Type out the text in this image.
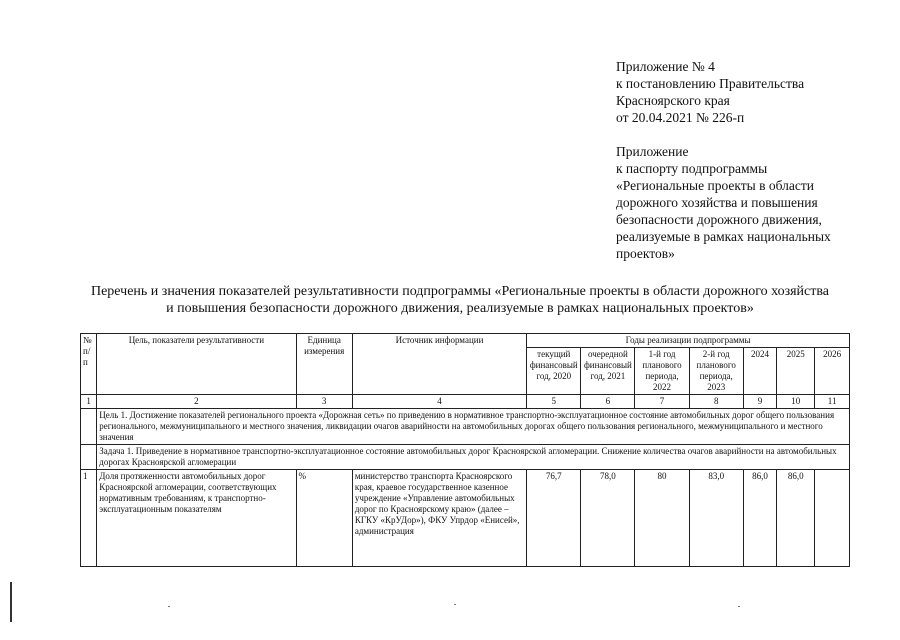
Приложение № 4
к постановлению Правительства
Красноярского края
от 20.04.2021 № 226-п
Приложение
к паспорту подпрограммы
«Региональные проекты в области
дорожного хозяйства и повышения
безопасности дорожного движения,
реализуемые в рамках национальных
проектов»
Перечень и значения показателей результативности подпрограммы «Региональные проекты в области дорожного хозяйства
и повышения безопасности дорожного движения, реализуемые в рамках национальных проектов»
№ п/п	Цель, показатели результативности	Единица измерения	Источник информации	Годы реализации подпрограммы						
				текущий финансовый год, 2020	очередной финансовый год, 2021	1-й год планового периода, 2022	2-й год планового периода, 2023	2024	2025	2026
1	2	3	4	5	6	7	8	9	10	11
	Цель 1. Достижение показателей регионального проекта «Дорожная сеть» по приведению в нормативное транспортно-эксплуатационное состояние автомобильных дорог общего пользования регионального, межмуниципального и местного значения, ликвидации очагов аварийности на автомобильных дорогах общего пользования регионального, межмуниципального и местного значения									
	Задача 1. Приведение в нормативное транспортно-эксплуатационное состояние автомобильных дорог Красноярской агломерации. Снижение количества очагов аварийности на автомобильных дорогах Красноярской агломерации									
1	Доля протяженности автомобильных дорог Красноярской агломерации, соответствующих нормативным требованиям, к транспортно-эксплуатационным показателям	%	министерство транспорта Красноярского края, краевое государственное казенное учреждение «Управление автомобильных дорог по Красноярскому краю» (далее – КГКУ «КрУДор»), ФКУ Упрдор «Енисей», администрация	76,7	78,0	80	83,0	86,0	86,0	
